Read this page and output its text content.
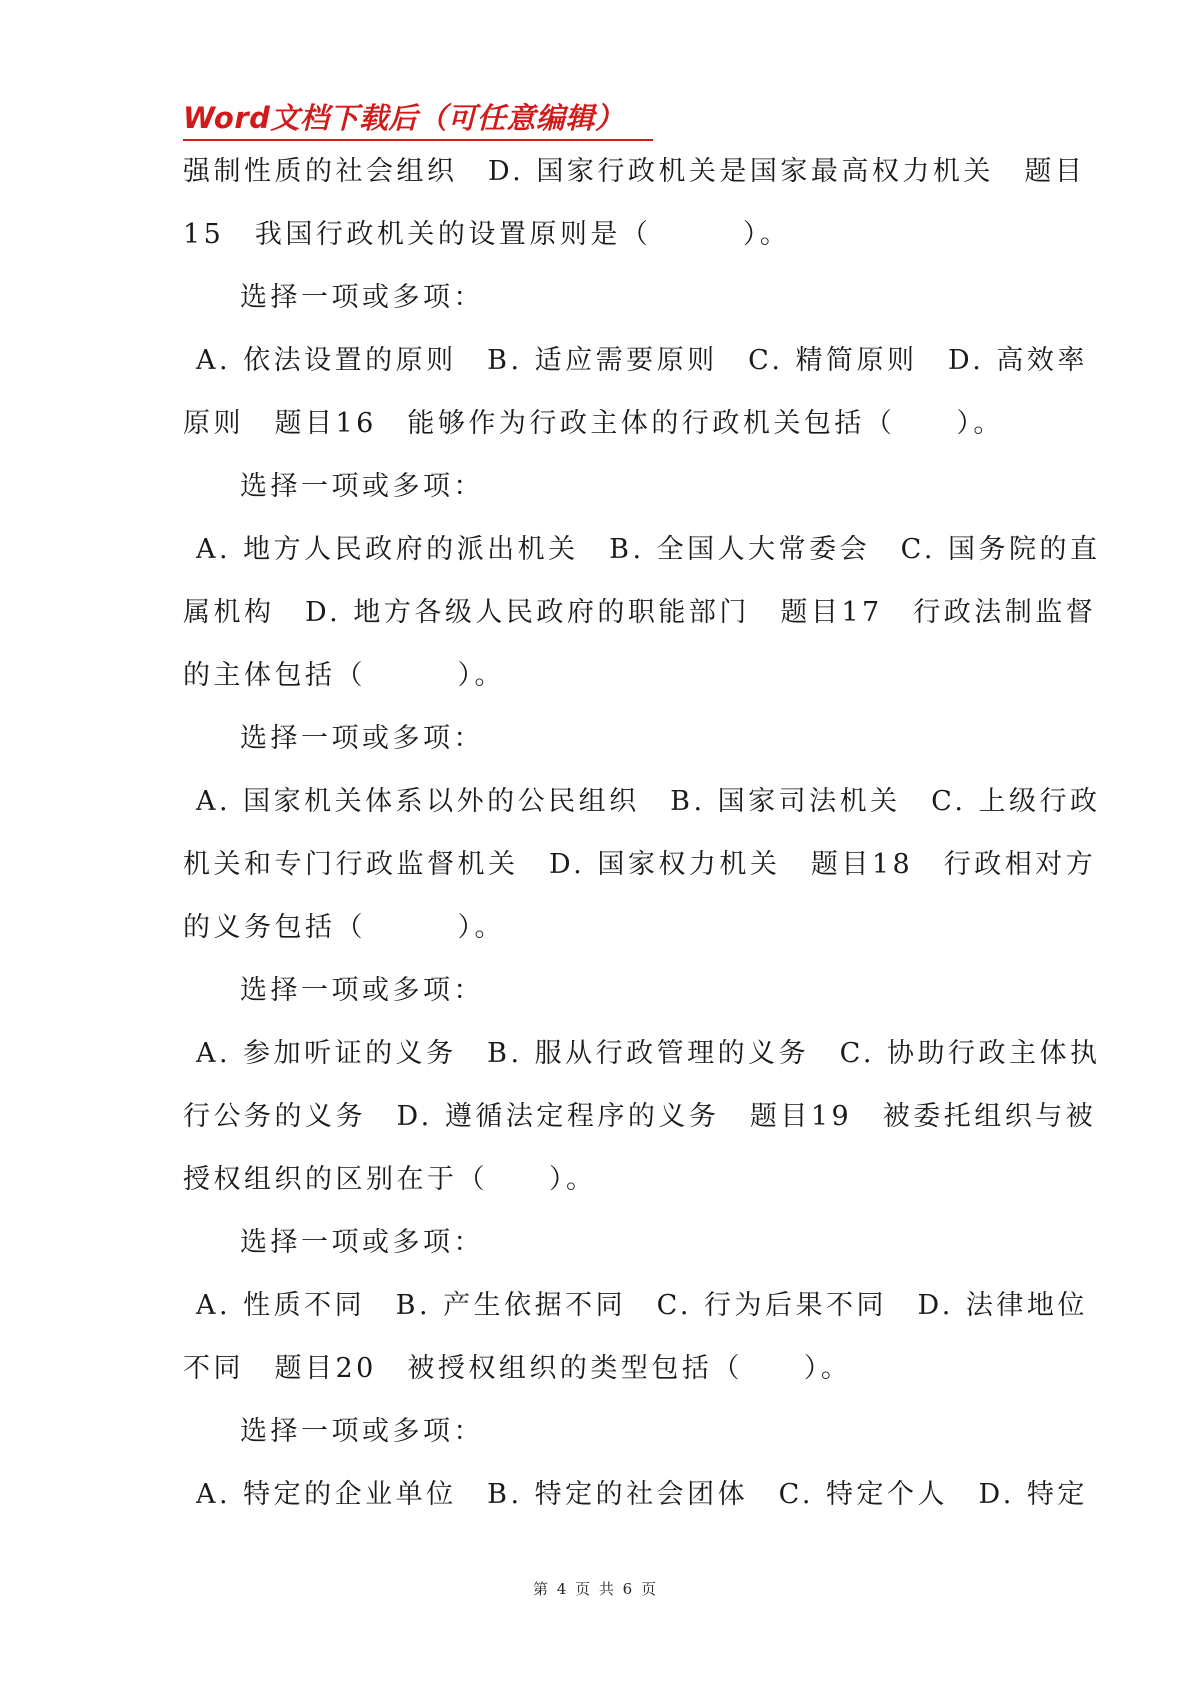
Word文档下载后（可任意编辑）
强制性质的社会组织　D. 国家行政机关是国家最高权力机关　题目
15　我国行政机关的设置原则是（　　　）。
选择一项或多项：
A. 依法设置的原则　B. 适应需要原则　C. 精简原则　D. 高效率
原则　题目16　能够作为行政主体的行政机关包括（　　）。
选择一项或多项：
A. 地方人民政府的派出机关　B. 全国人大常委会　C. 国务院的直
属机构　D. 地方各级人民政府的职能部门　题目17　行政法制监督
的主体包括（　　　）。
选择一项或多项：
A. 国家机关体系以外的公民组织　B. 国家司法机关　C. 上级行政
机关和专门行政监督机关　D. 国家权力机关　题目18　行政相对方
的义务包括（　　　）。
选择一项或多项：
A. 参加听证的义务　B. 服从行政管理的义务　C. 协助行政主体执
行公务的义务　D. 遵循法定程序的义务　题目19　被委托组织与被
授权组织的区别在于（　　）。
选择一项或多项：
A. 性质不同　B. 产生依据不同　C. 行为后果不同　D. 法律地位
不同　题目20　被授权组织的类型包括（　　）。
选择一项或多项：
A. 特定的企业单位　B. 特定的社会团体　C. 特定个人　D. 特定
第 4 页 共 6 页
